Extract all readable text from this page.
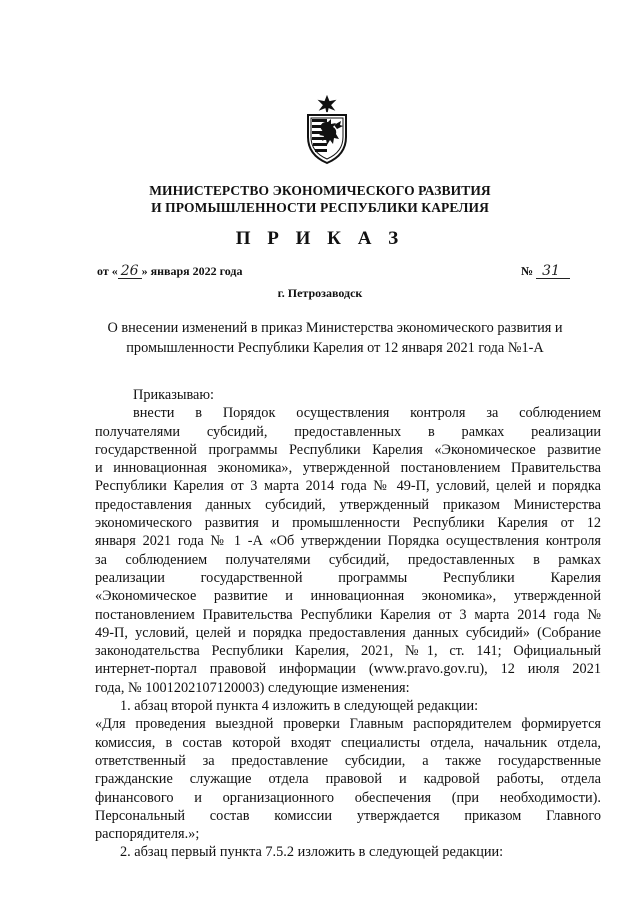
МИНИСТЕРСТВО ЭКОНОМИЧЕСКОГО РАЗВИТИЯ
И ПРОМЫШЛЕННОСТИ РЕСПУБЛИКИ КАРЕЛИЯ
П Р И К А З
от « 26 » января 2022 года	№ 31
г. Петрозаводск
О внесении изменений в приказ Министерства экономического развития и
промышленности Республики Карелия от 12 января 2021 года №1-А

Приказываю:

внести в Порядок осуществления контроля за соблюдением

получателями субсидий, предоставленных в рамках реализации

государственной программы Республики Карелия «Экономическое развитие

и инновационная экономика», утвержденной постановлением Правительства

Республики Карелия от 3 марта 2014 года № 49-П, условий, целей и порядка

предоставления данных субсидий, утвержденный приказом Министерства

экономического развития и промышленности Республики Карелия от 12

января 2021 года № 1 -А «Об утверждении Порядка осуществления контроля

за соблюдением получателями субсидий, предоставленных в рамках

реализации государственной программы Республики Карелия

«Экономическое развитие и инновационная экономика», утвержденной

постановлением Правительства Республики Карелия от 3 марта 2014 года №

49-П, условий, целей и порядка предоставления данных субсидий» (Собрание

законодательства Республики Карелия, 2021, №1, ст. 141; Официальный

интернет-портал правовой информации (www.pravo.gov.ru), 12 июля 2021

года, № 1001202107120003) следующие изменения:

1. абзац второй пункта 4 изложить в следующей редакции:

«Для проведения выездной проверки Главным распорядителем формируется

комиссия, в состав которой входят специалисты отдела, начальник отдела,

ответственный за предоставление субсидии, а также государственные

гражданские служащие отдела правовой и кадровой работы, отдела

финансового и организационного обеспечения (при необходимости).

Персональный состав комиссии утверждается приказом Главного

распорядителя.»;

2. абзац первый пункта 7.5.2 изложить в следующей редакции:
